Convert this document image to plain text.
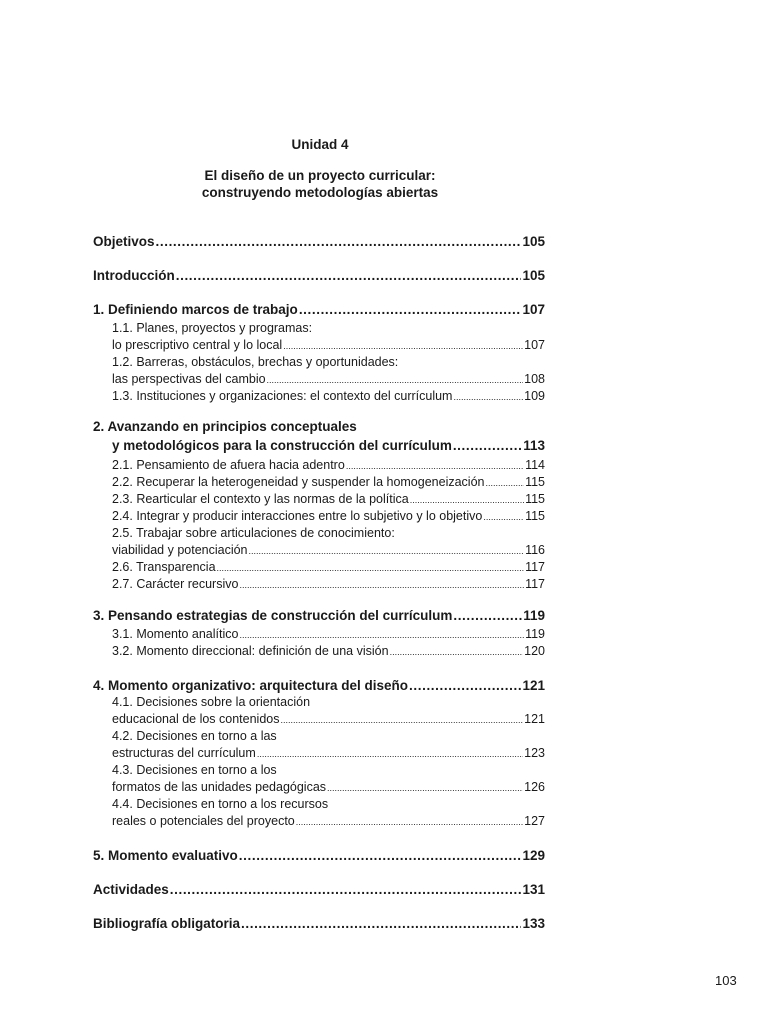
Unidad 4
El diseño de un proyecto curricular:
construyendo metodologías abiertas
Objetivos .....	105
Introducción .....	105
1. Definiendo marcos de trabajo .....	107
1.1. Planes, proyectos y programas:
lo prescriptivo central y lo local .....	107
1.2. Barreras, obstáculos, brechas y oportunidades:
las perspectivas del cambio .....	108
1.3. Instituciones y organizaciones: el contexto del currículum .....	109
2. Avanzando en principios conceptuales
y metodológicos para la construcción del currículum .....	113
2.1. Pensamiento de afuera hacia adentro .....	114
2.2. Recuperar la heterogeneidad y suspender la homogeneización .....	115
2.3. Rearticular el contexto y las normas de la política .....	115
2.4. Integrar y producir interacciones entre lo subjetivo y lo objetivo .....	115
2.5. Trabajar sobre articulaciones de conocimiento:
viabilidad y potenciación .....	116
2.6. Transparencia .....	117
2.7. Carácter recursivo .....	117
3. Pensando estrategias de construcción del currículum .....	119
3.1. Momento analítico .....	119
3.2. Momento direccional: definición de una visión .....	120
4. Momento organizativo: arquitectura del diseño .....	121
4.1. Decisiones sobre la orientación
educacional de los contenidos .....	121
4.2. Decisiones en torno a las
estructuras del currículum .....	123
4.3. Decisiones en torno a los
formatos de las unidades pedagógicas .....	126
4.4. Decisiones en torno a los recursos
reales o potenciales del proyecto .....	127
5. Momento evaluativo .....	129
Actividades .....	131
Bibliografía obligatoria .....	133
103
